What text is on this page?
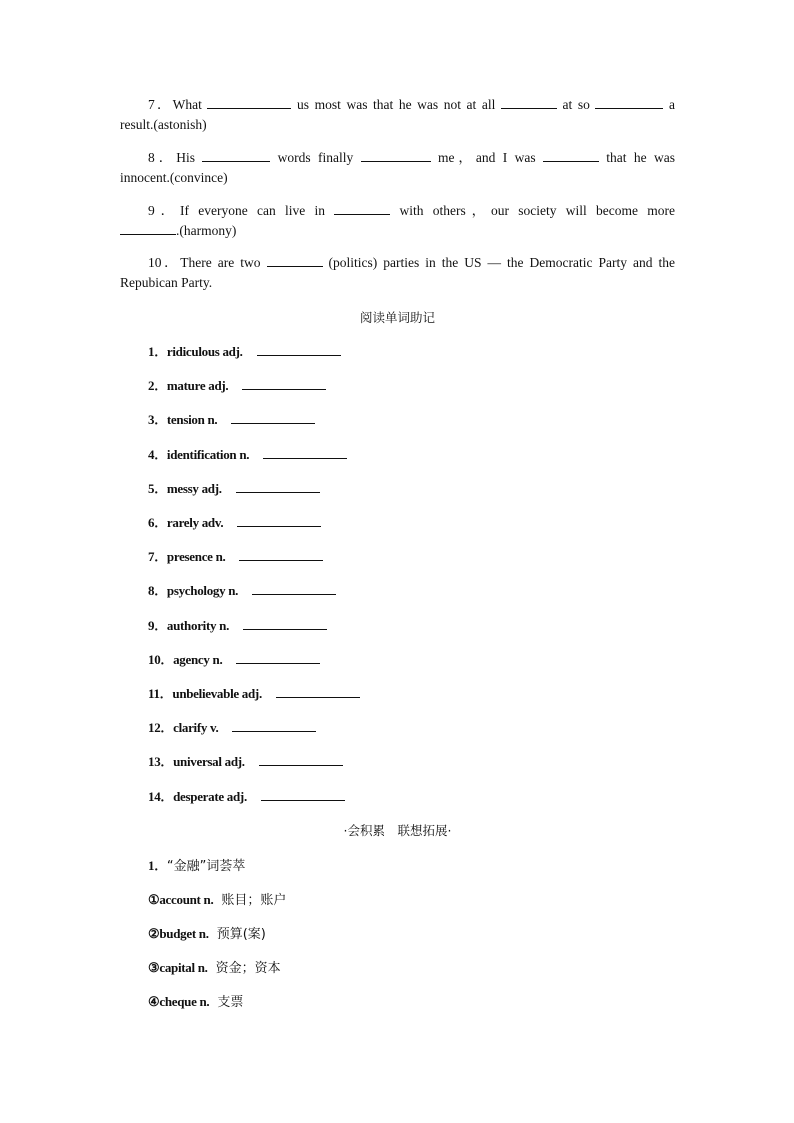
7．What	us most was that he was not at all	at so	a
result.(astonish)
8．His	words finally	me，and I was	that he was
innocent.(convince)
9．If everyone can live in	with others，our society will become more
.(harmony)
10．There are two	(politics) parties in the US — the Democratic Party and the
Repubican Party.
阅读单词助记
1．ridiculous adj.
2．mature adj.
3．tension n.
4．identification n.
5．messy adj.
6．rarely adv.
7．presence n.
8．psychology n.
9．authority n.
10．agency n.
11．unbelievable adj.
12．clarify v.
13．universal adj.
14．desperate adj.
·会积累　联想拓展·
1．“金融”词荟萃
①account n. 账目；账户
②budget n. 预算(案)
③capital n. 资金；资本
④cheque n. 支票
